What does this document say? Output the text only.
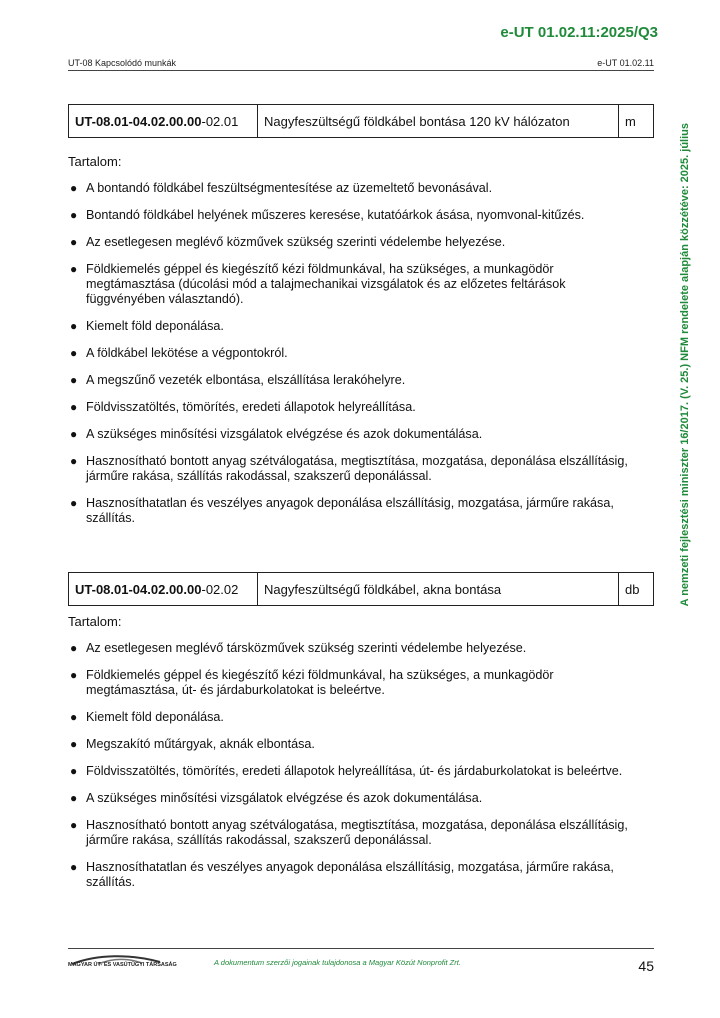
e-UT 01.02.11:2025/Q3
UT-08 Kapcsolódó munkák	e-UT 01.02.11
A nemzeti fejlesztési miniszter 16/2017. (V. 25.) NFM rendelete alapján közzétéve: 2025. július
UT-08.01-04.02.00.00-02.01	Nagyfeszültségű földkábel bontása 120 kV hálózaton	m
Tartalom:
● A bontandó földkábel feszültségmentesítése az üzemeltető bevonásával.
● Bontandó földkábel helyének műszeres keresése, kutatóárkok ásása, nyomvonal-kitűzés.
● Az esetlegesen meglévő közművek szükség szerinti védelembe helyezése.
● Földkiemelés géppel és kiegészítő kézi földmunkával, ha szükséges, a munkagödör megtámasztása (dúcolási mód a talajmechanikai vizsgálatok és az előzetes feltárások függvényében választandó).
● Kiemelt föld deponálása.
● A földkábel lekötése a végpontokról.
● A megszűnő vezeték elbontása, elszállítása lerakóhelyre.
● Földvisszatöltés, tömörítés, eredeti állapotok helyreállítása.
● A szükséges minősítési vizsgálatok elvégzése és azok dokumentálása.
● Hasznosítható bontott anyag szétválogatása, megtisztítása, mozgatása, deponálása elszállításig, járműre rakása, szállítás rakodással, szakszerű deponálással.
● Hasznosíthatatlan és veszélyes anyagok deponálása elszállításig, mozgatása, járműre rakása, szállítás.
UT-08.01-04.02.00.00-02.02	Nagyfeszültségű földkábel, akna bontása	db
Tartalom:
● Az esetlegesen meglévő társközművek szükség szerinti védelembe helyezése.
● Földkiemelés géppel és kiegészítő kézi földmunkával, ha szükséges, a munkagödör megtámasztása, út- és járdaburkolatokat is beleértve.
● Kiemelt föld deponálása.
● Megszakító műtárgyak, aknák elbontása.
● Földvisszatöltés, tömörítés, eredeti állapotok helyreállítása, út- és járdaburkolatokat is beleértve.
● A szükséges minősítési vizsgálatok elvégzése és azok dokumentálása.
● Hasznosítható bontott anyag szétválogatása, megtisztítása, mozgatása, deponálása elszállításig, járműre rakása, szállítás rakodással, szakszerű deponálással.
● Hasznosíthatatlan és veszélyes anyagok deponálása elszállításig, mozgatása, járműre rakása, szállítás.
MAGYAR ÚT- ÉS VASÚTÜGYI TÁRSASÁG	A dokumentum szerzői jogainak tulajdonosa a Magyar Közút Nonprofit Zrt.	45
